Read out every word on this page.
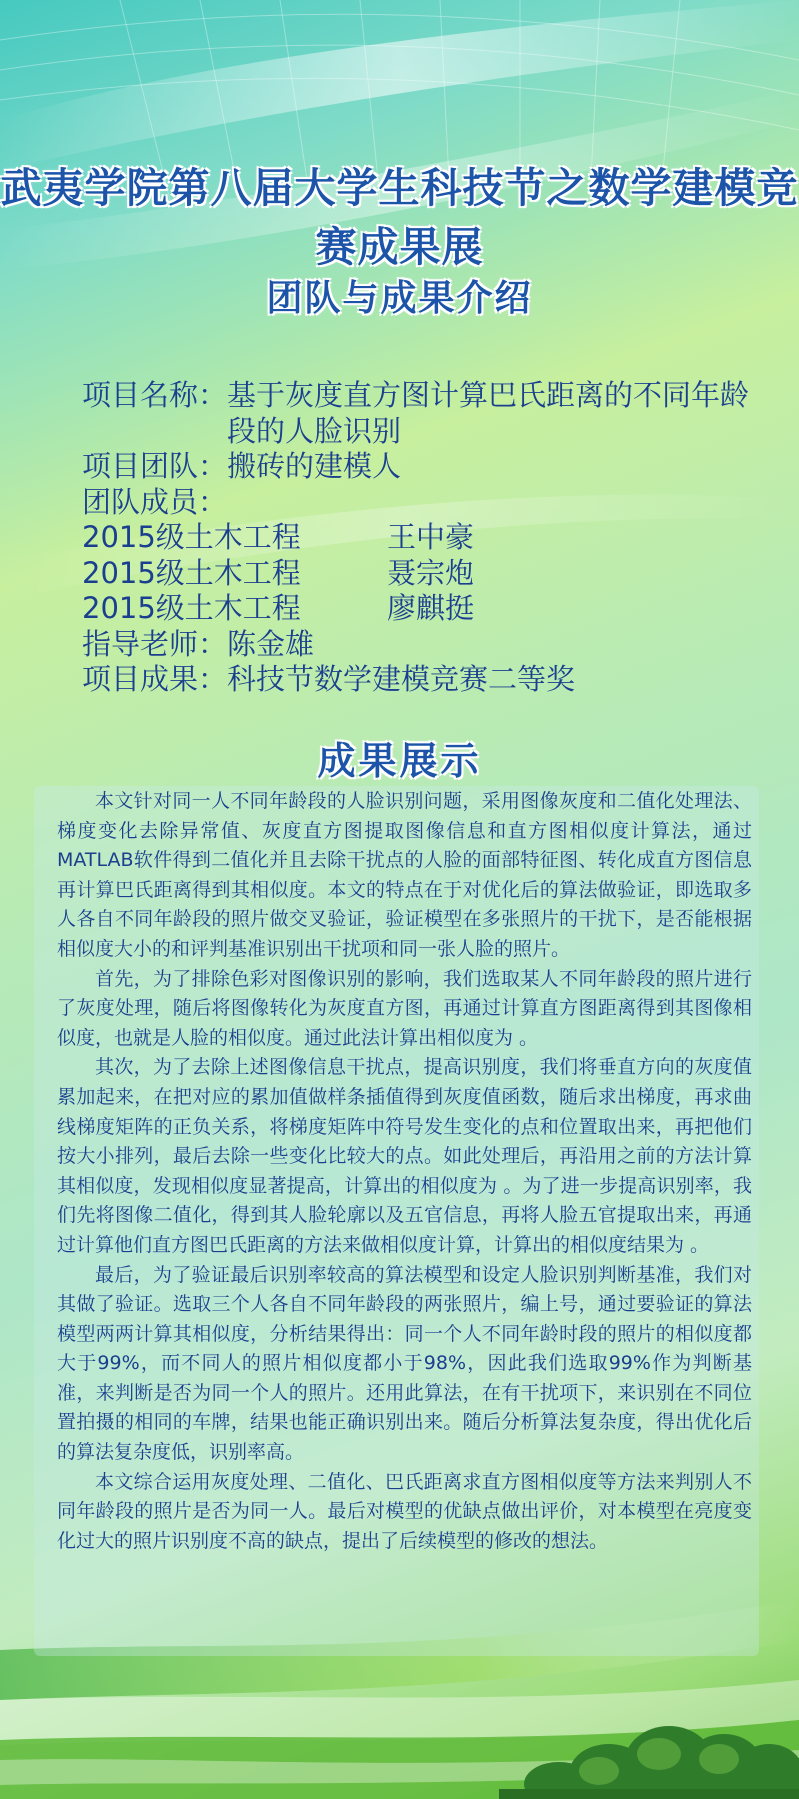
武夷学院第八届大学生科技节之数学建模竞赛成果展
团队与成果介绍
项目名称： 基于灰度直方图计算巴氏距离的不同年龄段的人脸识别
项目团队： 搬砖的建模人
团队成员：
2015级土木工程	王中豪
2015级土木工程	聂宗炮
2015级土木工程	廖麒挺
指导老师： 陈金雄
项目成果： 科技节数学建模竞赛二等奖
成果展示

本文针对同一人不同年龄段的人脸识别问题，采用图像灰度和二值化处理法、梯度变化去除异常值、灰度直方图提取图像信息和直方图相似度计算法，通过MATLAB软件得到二值化并且去除干扰点的人脸的面部特征图、转化成直方图信息再计算巴氏距离得到其相似度。本文的特点在于对优化后的算法做验证，即选取多人各自不同年龄段的照片做交叉验证，验证模型在多张照片的干扰下，是否能根据相似度大小的和评判基准识别出干扰项和同一张人脸的照片。

首先，为了排除色彩对图像识别的影响，我们选取某人不同年龄段的照片进行了灰度处理，随后将图像转化为灰度直方图，再通过计算直方图距离得到其图像相似度，也就是人脸的相似度。通过此法计算出相似度为 。

其次，为了去除上述图像信息干扰点，提高识别度，我们将垂直方向的灰度值累加起来，在把对应的累加值做样条插值得到灰度值函数，随后求出梯度，再求曲线梯度矩阵的正负关系，将梯度矩阵中符号发生变化的点和位置取出来，再把他们按大小排列，最后去除一些变化比较大的点。如此处理后，再沿用之前的方法计算其相似度，发现相似度显著提高，计算出的相似度为 。为了进一步提高识别率，我们先将图像二值化，得到其人脸轮廓以及五官信息，再将人脸五官提取出来，再通过计算他们直方图巴氏距离的方法来做相似度计算，计算出的相似度结果为 。

最后，为了验证最后识别率较高的算法模型和设定人脸识别判断基准，我们对其做了验证。选取三个人各自不同年龄段的两张照片，编上号，通过要验证的算法模型两两计算其相似度，分析结果得出：同一个人不同年龄时段的照片的相似度都大于99%，而不同人的照片相似度都小于98%，因此我们选取99%作为判断基准，来判断是否为同一个人的照片。还用此算法，在有干扰项下，来识别在不同位置拍摄的相同的车牌，结果也能正确识别出来。随后分析算法复杂度，得出优化后的算法复杂度低，识别率高。

本文综合运用灰度处理、二值化、巴氏距离求直方图相似度等方法来判别人不同年龄段的照片是否为同一人。最后对模型的优缺点做出评价，对本模型在亮度变化过大的照片识别度不高的缺点，提出了后续模型的修改的想法。
